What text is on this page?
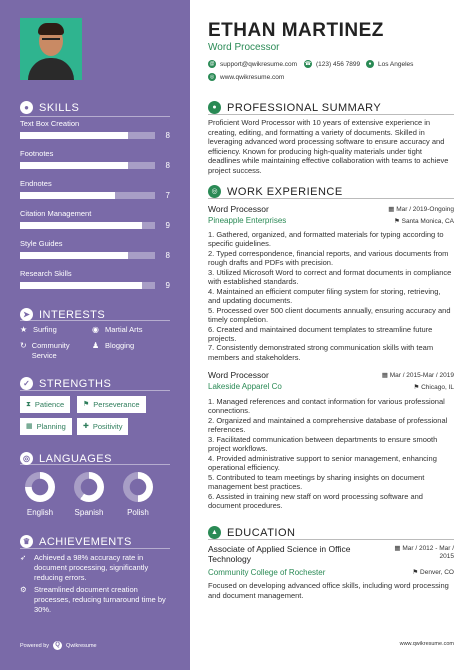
● SKILLS
Text Box Creation
8
Footnotes
8
Endnotes
7
Citation Management
9
Style Guides
8
Research Skills
9
➤ INTERESTS
★ Surfing	◉ Martial Arts
↻ Community Service
♟ Blogging
✓ STRENGTHS
⧗ Patience	⚑ Perseverance
▦ Planning ✚ Positivity
◎ LANGUAGES
English	Spanish	Polish
♛ ACHIEVEMENTS
➶	Achieved a 98% accuracy rate in document processing, significantly reducing errors.
⚙ Streamlined document creation processes, reducing turnaround time by 30%.
Powered by	Q	Qwikresume
ETHAN MARTINEZ
Word Processor
@ support@qwikresume.com ☎ (123) 456 7899	● Los Angeles
◎ www.qwikresume.com
● PROFESSIONAL SUMMARY
Proficient Word Processor with 10 years of extensive experience in creating, editing, and formatting a variety of documents. Skilled in leveraging advanced word processing software to ensure accuracy and efficiency. Known for producing high-quality materials under tight deadlines while maintaining effective collaboration with teams to achieve project success.
◎ WORK EXPERIENCE
Word Processor	▦ Mar / 2019-Ongoing
Pineapple Enterprises	⚑ Santa Monica, CA
1. Gathered, organized, and formatted materials for typing according to specific guidelines.
2. Typed correspondence, financial reports, and various documents from rough drafts and PDFs with precision.
3. Utilized Microsoft Word to correct and format documents in compliance with established standards.
4. Maintained an efficient computer filing system for storing, retrieving, and updating documents.
5. Processed over 500 client documents annually, ensuring accuracy and timely completion.
6. Created and maintained document templates to streamline future projects.
7. Consistently demonstrated strong communication skills with team members and stakeholders.
Word Processor	▦ Mar / 2015-Mar / 2019
Lakeside Apparel Co	⚑ Chicago, IL
1. Managed references and contact information for various professional connections.
2. Organized and maintained a comprehensive database of professional references.
3. Facilitated communication between departments to ensure smooth project workflows.
4. Provided administrative support to senior management, enhancing operational efficiency.
5. Contributed to team meetings by sharing insights on document management best practices.
6. Assisted in training new staff on word processing software and document procedures.
▲ EDUCATION
Associate of Applied Science in Office Technology
▦ Mar / 2012 - Mar / 2015
Community College of Rochester	⚑ Denver, CO
Focused on developing advanced office skills, including word processing and document management.
www.qwikresume.com
